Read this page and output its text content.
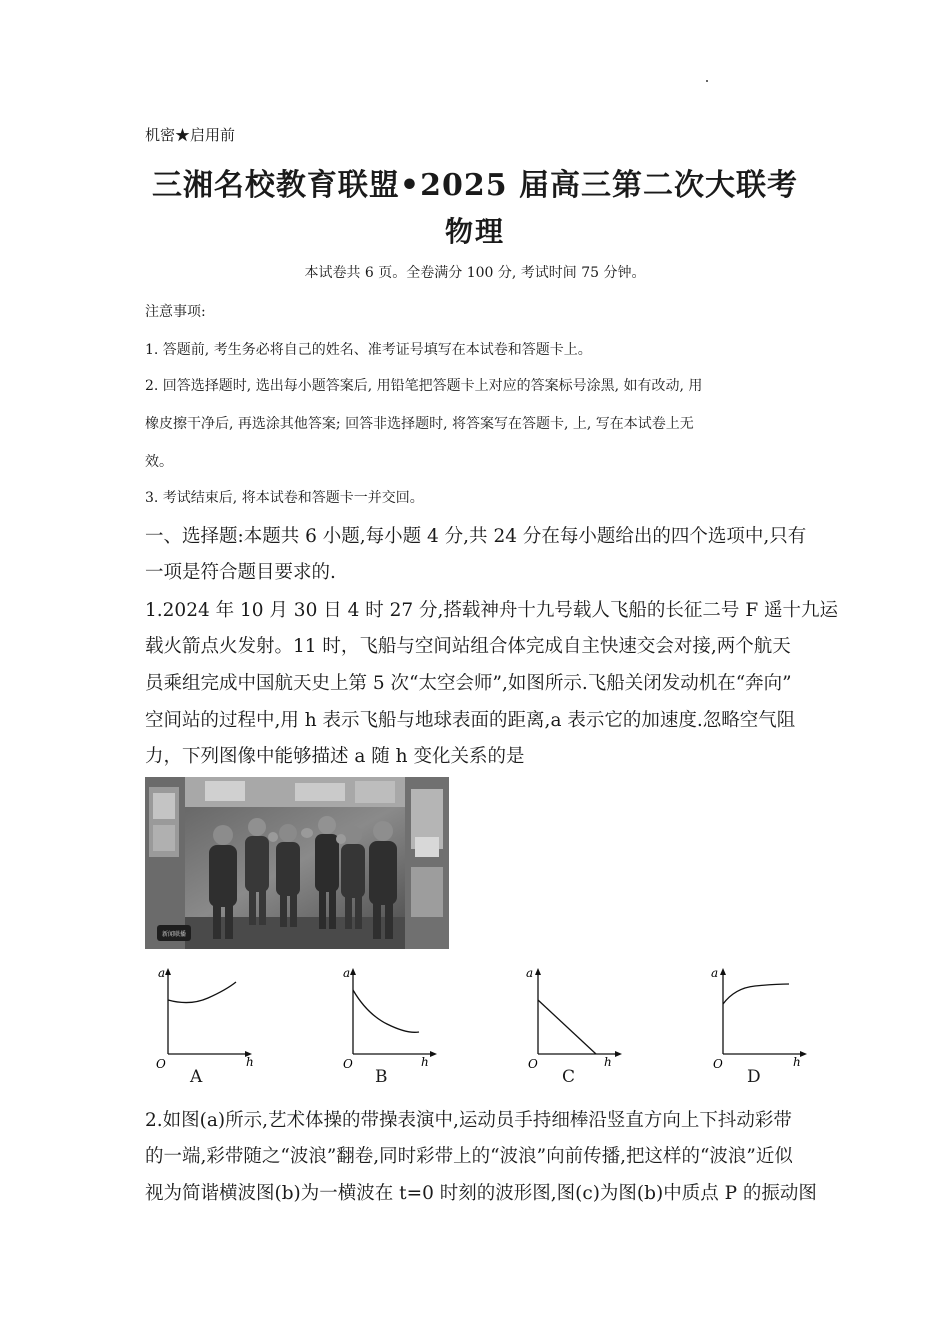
机密★启用前
三湘名校教育联盟•2025 届高三第二次大联考
物理
本试卷共 6 页。全卷满分 100 分, 考试时间 75 分钟。
注意事项:
1. 答题前, 考生务必将自己的姓名、准考证号填写在本试卷和答题卡上。
2. 回答选择题时, 选出每小题答案后, 用铅笔把答题卡上对应的答案标号涂黑, 如有改动, 用
橡皮擦干净后, 再选涂其他答案; 回答非选择题时, 将答案写在答题卡, 上, 写在本试卷上无
效。
3. 考试结束后, 将本试卷和答题卡一并交回。
一、选择题:本题共 6 小题,每小题 4 分,共 24 分在每小题给出的四个选项中,只有
一项是符合题目要求的.
1.2024 年 10 月 30 日 4 时 27 分,搭载神舟十九号载人飞船的长征二号 F 遥十九运
载火箭点火发射。11 时，飞船与空间站组合体完成自主快速交会对接,两个航天
员乘组完成中国航天史上第 5 次“太空会师”,如图所示.飞船关闭发动机在“奔向”
空间站的过程中,用 h 表示飞船与地球表面的距离,a 表示它的加速度.忽略空气阻
力，下列图像中能够描述 a 随 h 变化关系的是
新闻联播
a
h
O
A
a
h
O
B
a
h
O
C
a
h
O
D
2.如图(a)所示,艺术体操的带操表演中,运动员手持细棒沿竖直方向上下抖动彩带
的一端,彩带随之“波浪”翻卷,同时彩带上的“波浪”向前传播,把这样的“波浪”近似
视为简谐横波图(b)为一横波在 t=0 时刻的波形图,图(c)为图(b)中质点 P 的振动图
